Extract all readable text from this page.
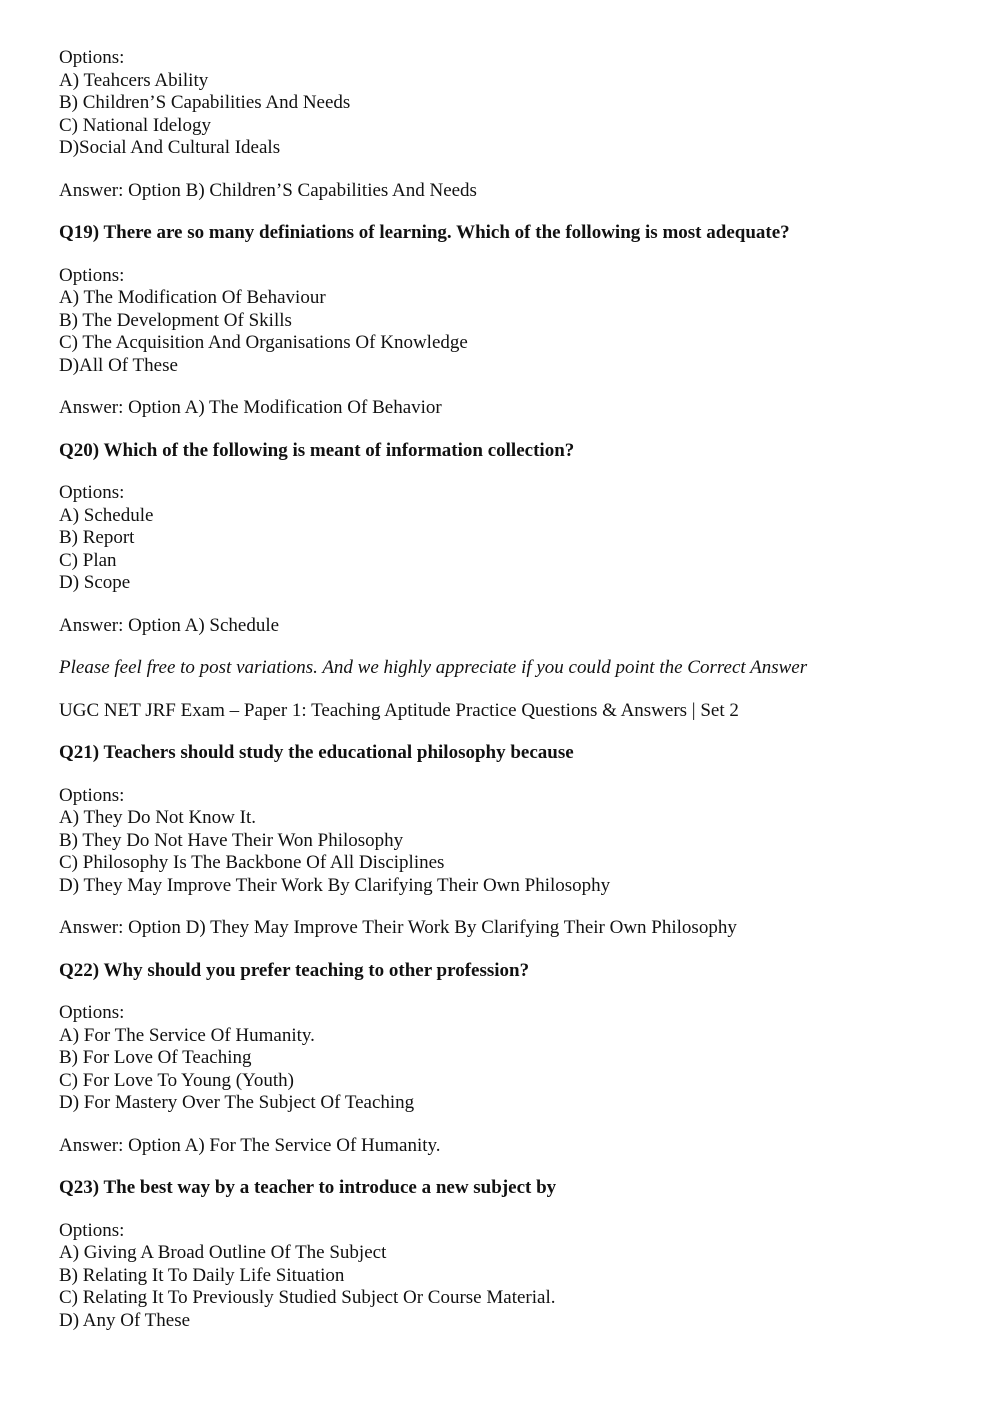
Options:
A) Teahcers Ability
B) Children’S Capabilities And Needs
C) National Idelogy
D)Social And Cultural Ideals
Answer: Option B) Children’S Capabilities And Needs
Q19) There are so many definiations of learning. Which of the following is most adequate?
Options:
A) The Modification Of Behaviour
B) The Development Of Skills
C) The Acquisition And Organisations Of Knowledge
D)All Of These
Answer: Option A) The Modification Of Behavior
Q20) Which of the following is meant of information collection?
Options:
A) Schedule
B) Report
C) Plan
D) Scope
Answer: Option A) Schedule
Please feel free to post variations. And we highly appreciate if you could point the Correct Answer
UGC NET JRF Exam – Paper 1: Teaching Aptitude Practice Questions & Answers | Set 2
Q21) Teachers should study the educational philosophy because
Options:
A) They Do Not Know It.
B) They Do Not Have Their Won Philosophy
C) Philosophy Is The Backbone Of All Disciplines
D) They May Improve Their Work By Clarifying Their Own Philosophy
Answer: Option D) They May Improve Their Work By Clarifying Their Own Philosophy
Q22) Why should you prefer teaching to other profession?
Options:
A) For The Service Of Humanity.
B) For Love Of Teaching
C) For Love To Young (Youth)
D) For Mastery Over The Subject Of Teaching
Answer: Option A) For The Service Of Humanity.
Q23) The best way by a teacher to introduce a new subject by
Options:
A) Giving A Broad Outline Of The Subject
B) Relating It To Daily Life Situation
C) Relating It To Previously Studied Subject Or Course Material.
D) Any Of These
